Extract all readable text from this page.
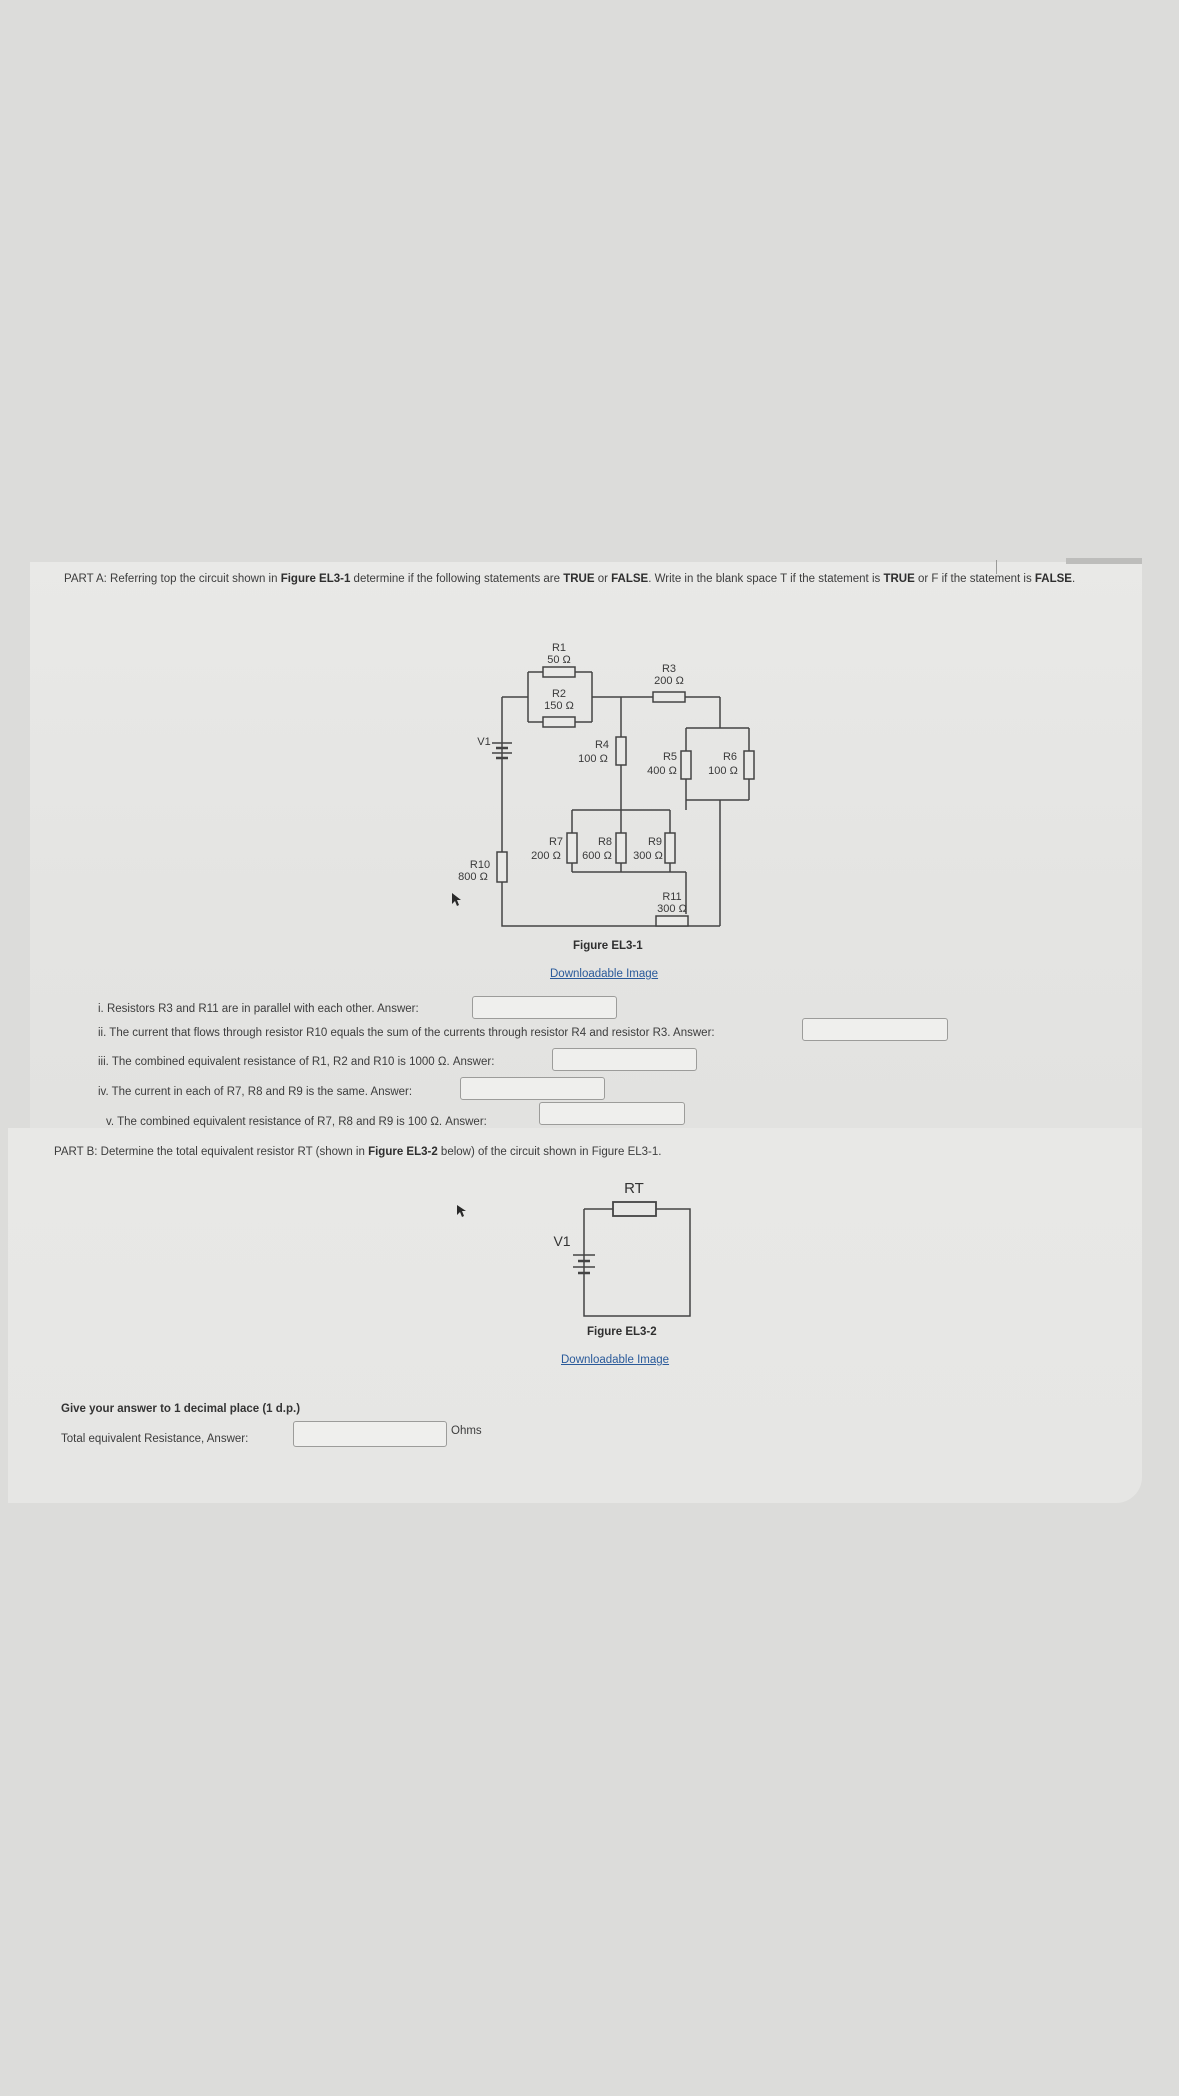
PART A: Referring top the circuit shown in Figure EL3-1 determine if the following statements are TRUE or FALSE. Write in the blank space T if the statement is TRUE or F if the statement is FALSE.
R1
50 Ω
R2
150 Ω
R3
200 Ω
R4
100 Ω	R5
400 Ω
R6
100 Ω
R7
200 Ω
R8
600 Ω
R9
300 Ω
R10
800 Ω
R11
300 Ω
V1
Figure EL3-1
Downloadable Image
i. Resistors R3 and R11 are in parallel with each other. Answer:
ii. The current that flows through resistor R10 equals the sum of the currents through resistor R4 and resistor R3. Answer:
iii. The combined equivalent resistance of R1, R2 and R10 is 1000 Ω. Answer:
iv. The current in each of R7, R8 and R9 is the same. Answer:
v. The combined equivalent resistance of R7, R8 and R9 is 100 Ω. Answer:
PART B: Determine the total equivalent resistor RT (shown in Figure EL3-2 below) of the circuit shown in Figure EL3-1.
RT
V1
Figure EL3-2
Downloadable Image
Give your answer to 1 decimal place (1 d.p.)
Total equivalent Resistance, Answer:
Ohms
